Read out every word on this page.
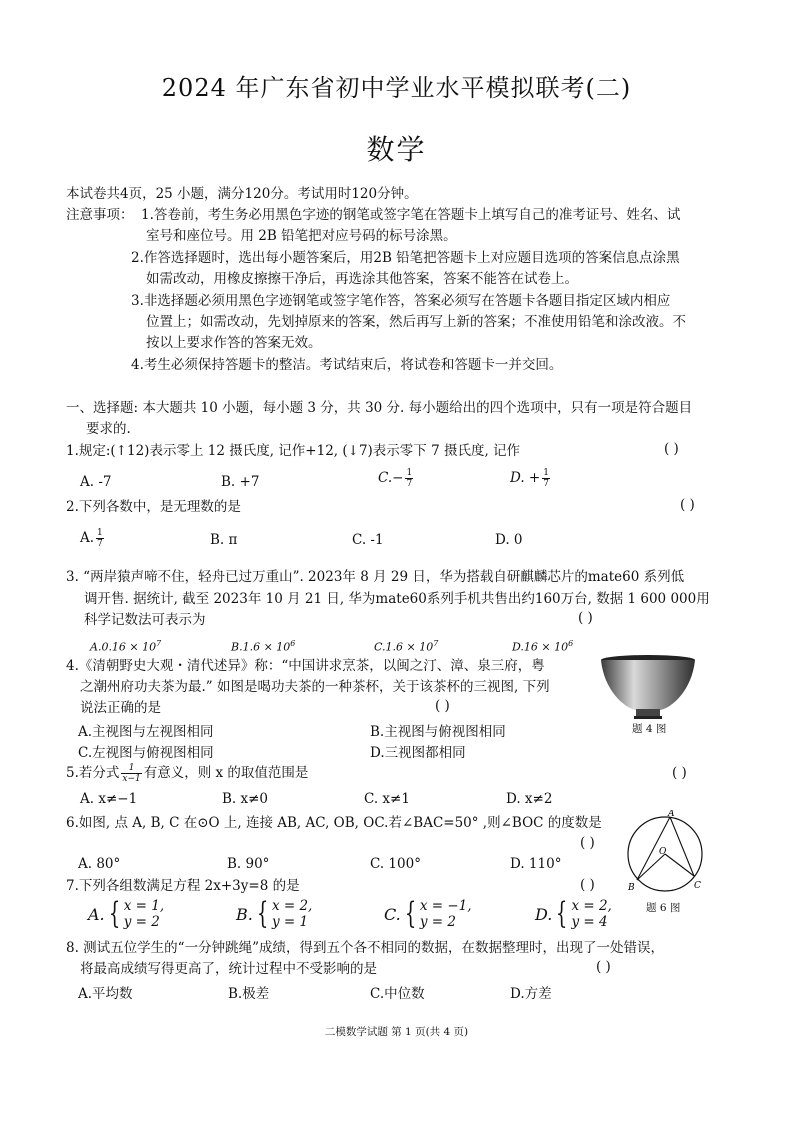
2024 年广东省初中学业水平模拟联考(二)
数学
本试卷共4页，25 小题，满分120分。考试用时120分钟。
注意事项： 1.答卷前，考生务必用黑色字迹的钢笔或签字笔在答题卡上填写自己的准考证号、姓名、试
室号和座位号。用 2B 铅笔把对应号码的标号涂黑。
2.作答选择题时，选出每小题答案后，用2B 铅笔把答题卡上对应题目选项的答案信息点涂黑
如需改动，用橡皮擦擦干净后，再选涂其他答案，答案不能答在试卷上。
3.非选择题必须用黑色字迹钢笔或签字笔作答，答案必须写在答题卡各题目指定区域内相应
位置上；如需改动，先划掉原来的答案，然后再写上新的答案；不准使用铅笔和涂改液。不
按以上要求作答的答案无效。
4.考生必须保持答题卡的整洁。考试结束后，将试卷和答题卡一并交回。
一、选择题: 本大题共 10 小题，每小题 3 分，共 30 分. 每小题给出的四个选项中，只有一项是符合题目
要求的.
1.规定:(↑12)表示零上 12 摄氏度, 记作+12, (↓7)表示零下 7 摄氏度, 记作	( )
A. -7	B. +7	$C.- \frac{1}{7}$	D. + $\frac{1}{7}$
2.下列各数中，是无理数的是	( )
A. $\frac{1}{7}$	B. π	C. -1	D. 0
3. “两岸猿声啼不住，轻舟已过万重山”. 2023年 8 月 29 日，华为搭载自研麒麟芯片的mate60 系列低
调开售. 据统计, 截至 2023年 10 月 21 日, 华为mate60系列手机共售出约160万台, 数据 1 600 000用
科学记数法可表示为	( )
$A.0.16 \times 10^7$	$B.1.6 \times 10^6$	$C.1.6 \times 10^7$	$D.16 \times 10^6$
4.《清朝野史大观・清代述异》称：“中国讲求烹茶，以闽之汀、漳、泉三府，粤
之潮州府功夫茶为最.” 如图是喝功夫茶的一种茶杯，关于该茶杯的三视图, 下列
说法正确的是	( )
A.主视图与左视图相同	B.主视图与俯视图相同
C.左视图与俯视图相同	D.三视图都相同
题 4 图
5.若分式 $\frac{1}{x-1}$ 有意义，则 x 的取值范围是	( )
A. x≠−1	B. x≠0	C. x≠1	D. x≠2
6.如图, 点 A, B, C 在⊙O 上, 连接 AB, AC, OB, OC.若∠BAC=50° ,则∠BOC 的度数是
( )
A. 80°	B. 90°	C. 100°	D. 110°
A
O
B	C
题 6 图
7.下列各组数满足方程 2x+3y=8 的是	( )
A. { x = 1,
y = 2	B. { x = 2,
y = 1	C. { x = −1,
y = 2	D. { x = 2,
y = 4
8. 测试五位学生的“一分钟跳绳”成绩，得到五个各不相同的数据，在数据整理时，出现了一处错误，
将最高成绩写得更高了，统计过程中不受影响的是	( )
A.平均数	B.极差	C.中位数	D.方差
二模数学试题 第 1 页(共 4 页)
